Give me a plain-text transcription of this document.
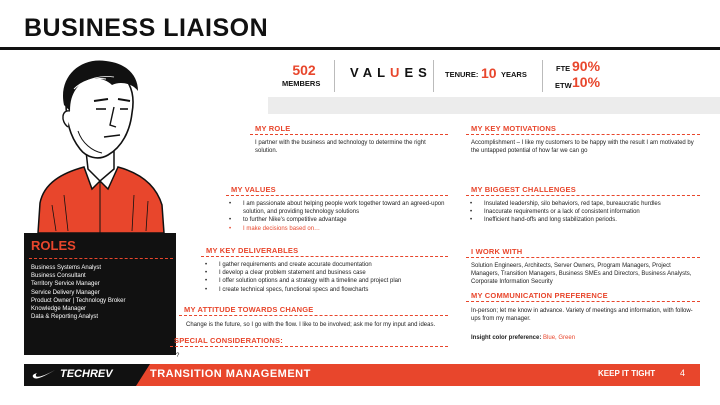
BUSINESS LIAISON
502
MEMBERS
VALUES TENURE: 10 YEARS
FTE 90%
ETW 10%
MY ROLE
I partner with the business and technology to determine the right solution.
MY KEY MOTIVATIONS
Accomplishment – I like my customers to be happy with the result I am motivated by the untapped potential of how far we can go
MY VALUES
• I am passionate about helping people work together toward an agreed-upon solution, and providing technology solutions
• to further Nike's competitive advantage
• I make decisions based on…
MY BIGGEST CHALLENGES
• Insulated leadership, silo behaviors, red tape, bureaucratic hurdles
• Inaccurate requirements or a lack of consistent information
• Inefficient hand-offs and long stabilization periods.
ROLES
Business Systems Analyst
Business Consultant
Territory Service Manager
Service Delivery Manager
Product Owner | Technology Broker
Knowledge Manager
Data & Reporting Analyst
MY KEY DELIVERABLES
• I gather requirements and create accurate documentation
• I develop a clear problem statement and business case
• I offer solution options and a strategy with a timeline and project plan
• I create technical specs, functional specs and flowcharts
I WORK WITH
Solution Engineers, Architects, Server Owners, Program Managers, Project Managers, Transition Managers, Business SMEs and Directors, Business Analysts, Corporate Information Security
MY COMMUNICATION PREFERENCE
In-person; let me know in advance. Variety of meetings and information, with follow-ups from my manager.
Insight color preference: Blue, Green
MY ATTITUDE TOWARDS CHANGE
Change is the future, so I go with the flow. I like to be involved; ask me for my input and ideas.
SPECIAL CONSIDERATIONS:
?
TECHREV	TRANSITION MANAGEMENT	KEEP IT TIGHT	4
